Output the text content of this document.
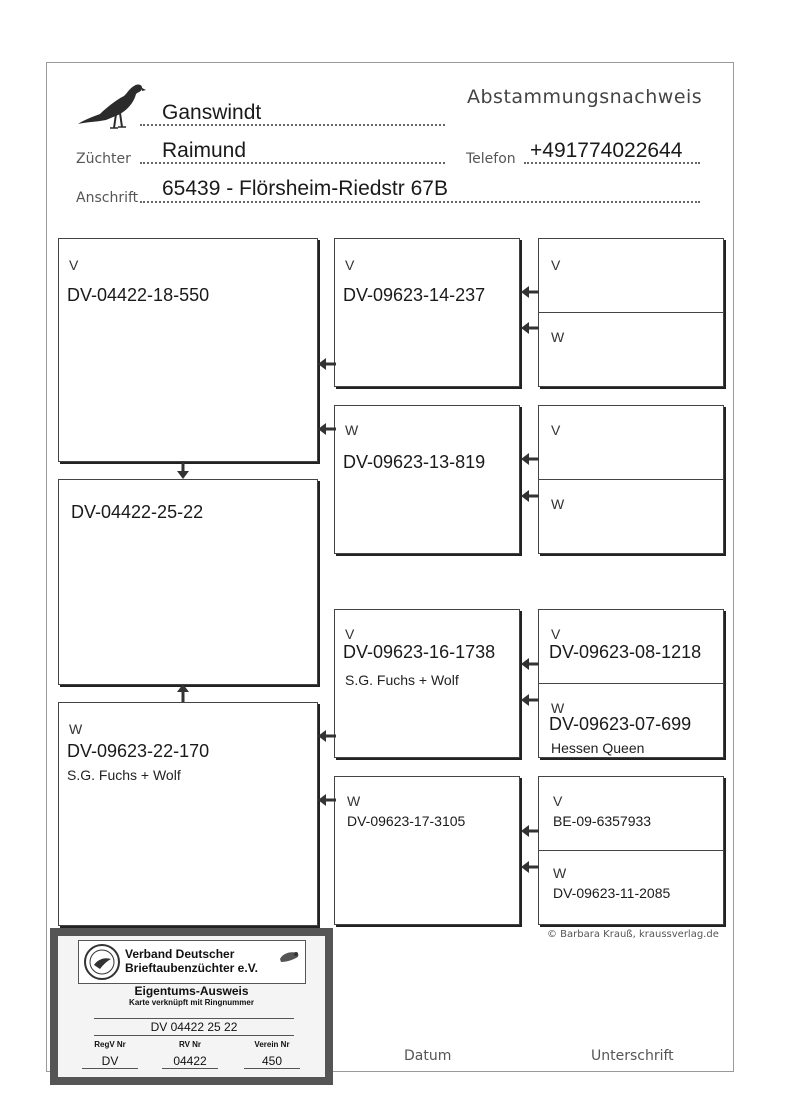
Abstammungsnachweis
Ganswindt
Züchter Raimund	Telefon +491774022644
Anschrift 65439 - Flörsheim-Riedstr 67B
V
DV-04422-18-550
DV-04422-25-22
W
DV-09623-22-170
S.G. Fuchs + Wolf
V
DV-09623-14-237
W
DV-09623-13-819
V
DV-09623-16-1738
S.G. Fuchs + Wolf
W
DV-09623-17-3105
V
W
V
W
V
DV-09623-08-1218
W
DV-09623-07-699
Hessen Queen
V
BE-09-6357933
W
DV-09623-11-2085
© Barbara Krauß, kraussverlag.de
Datum	Unterschrift
Verband Deutscher
Brieftaubenzüchter e.V.
Eigentums-Ausweis
Karte verknüpft mit Ringnummer
DV 04422 25 22
RegV Nr	RV Nr	Verein Nr
DV	04422	450
